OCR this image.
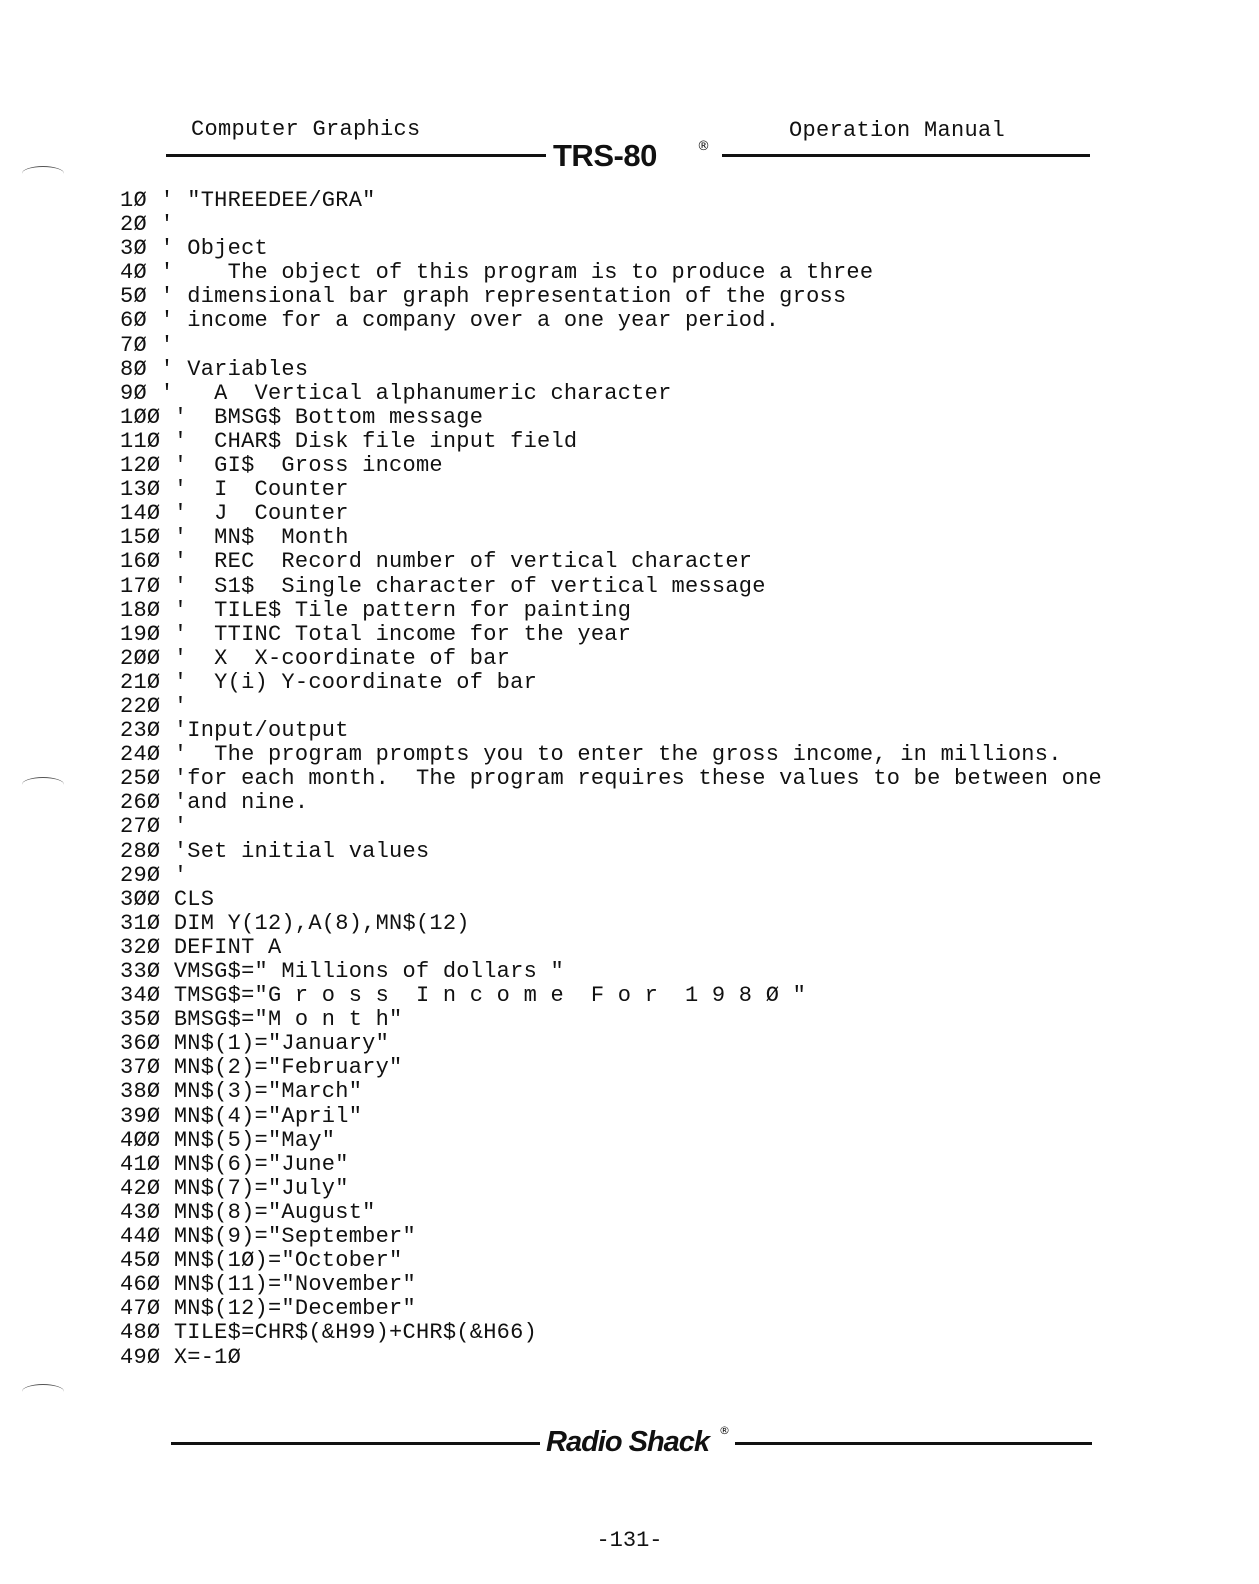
Computer Graphics	Operation Manual
TRS-80	®
1Ø ' "THREEDEE/GRA"
2Ø '
3Ø ' Object
4Ø '    The object of this program is to produce a three
5Ø ' dimensional bar graph representation of the gross
6Ø ' income for a company over a one year period.
7Ø '
8Ø ' Variables
9Ø '   A  Vertical alphanumeric character
1ØØ '  BMSG$ Bottom message
11Ø '  CHAR$ Disk file input field
12Ø '  GI$  Gross income
13Ø '  I  Counter
14Ø '  J  Counter
15Ø '  MN$  Month
16Ø '  REC  Record number of vertical character
17Ø '  S1$  Single character of vertical message
18Ø '  TILE$ Tile pattern for painting
19Ø '  TTINC Total income for the year
2ØØ '  X  X-coordinate of bar
21Ø '  Y(i) Y-coordinate of bar
22Ø '
23Ø 'Input/output
24Ø '  The program prompts you to enter the gross income, in millions.
25Ø 'for each month.  The program requires these values to be between one
26Ø 'and nine.
27Ø '
28Ø 'Set initial values
29Ø '
3ØØ CLS
31Ø DIM Y(12),A(8),MN$(12)
32Ø DEFINT A
33Ø VMSG$=" Millions of dollars "
34Ø TMSG$="G r o s s  I n c o m e  F o r  1 9 8 Ø "
35Ø BMSG$="M o n t h"
36Ø MN$(1)="January"
37Ø MN$(2)="February"
38Ø MN$(3)="March"
39Ø MN$(4)="April"
4ØØ MN$(5)="May"
41Ø MN$(6)="June"
42Ø MN$(7)="July"
43Ø MN$(8)="August"
44Ø MN$(9)="September"
45Ø MN$(1Ø)="October"
46Ø MN$(11)="November"
47Ø MN$(12)="December"
48Ø TILE$=CHR$(&H99)+CHR$(&H66)
49Ø X=-1Ø
Radio Shack ®
-131-
